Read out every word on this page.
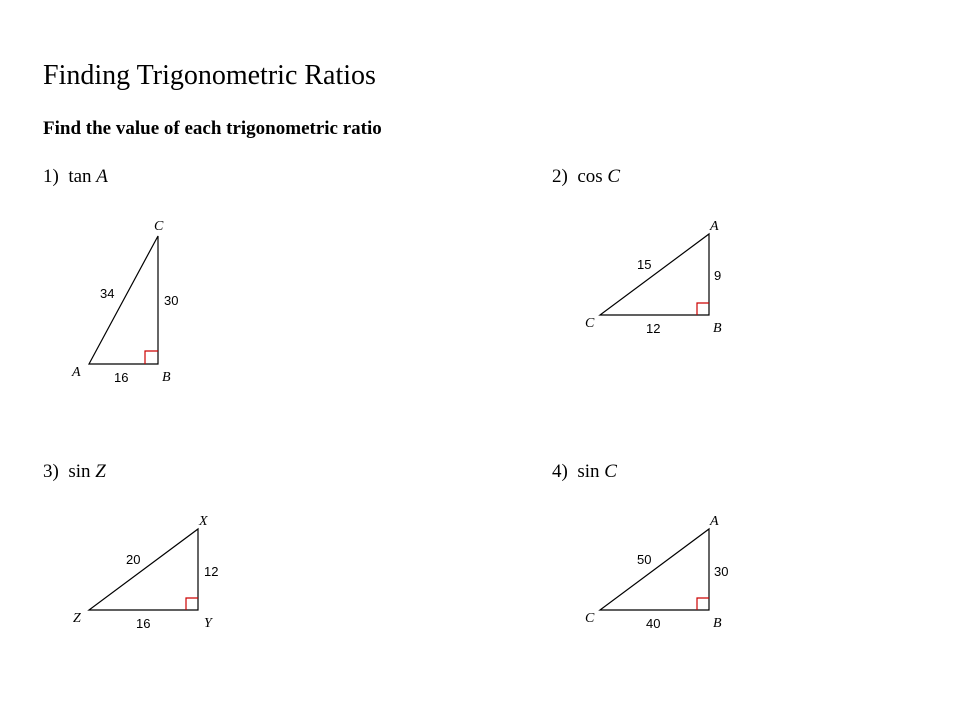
Finding Trigonometric Ratios
Find the value of each trigonometric ratio
1) tan A	2) cos C
3) sin Z	4) sin C
C
A	B
34	30
16
A
C	B
15
9
12
X
Z	Y
20
12
16
A
C	B
50
30
40
